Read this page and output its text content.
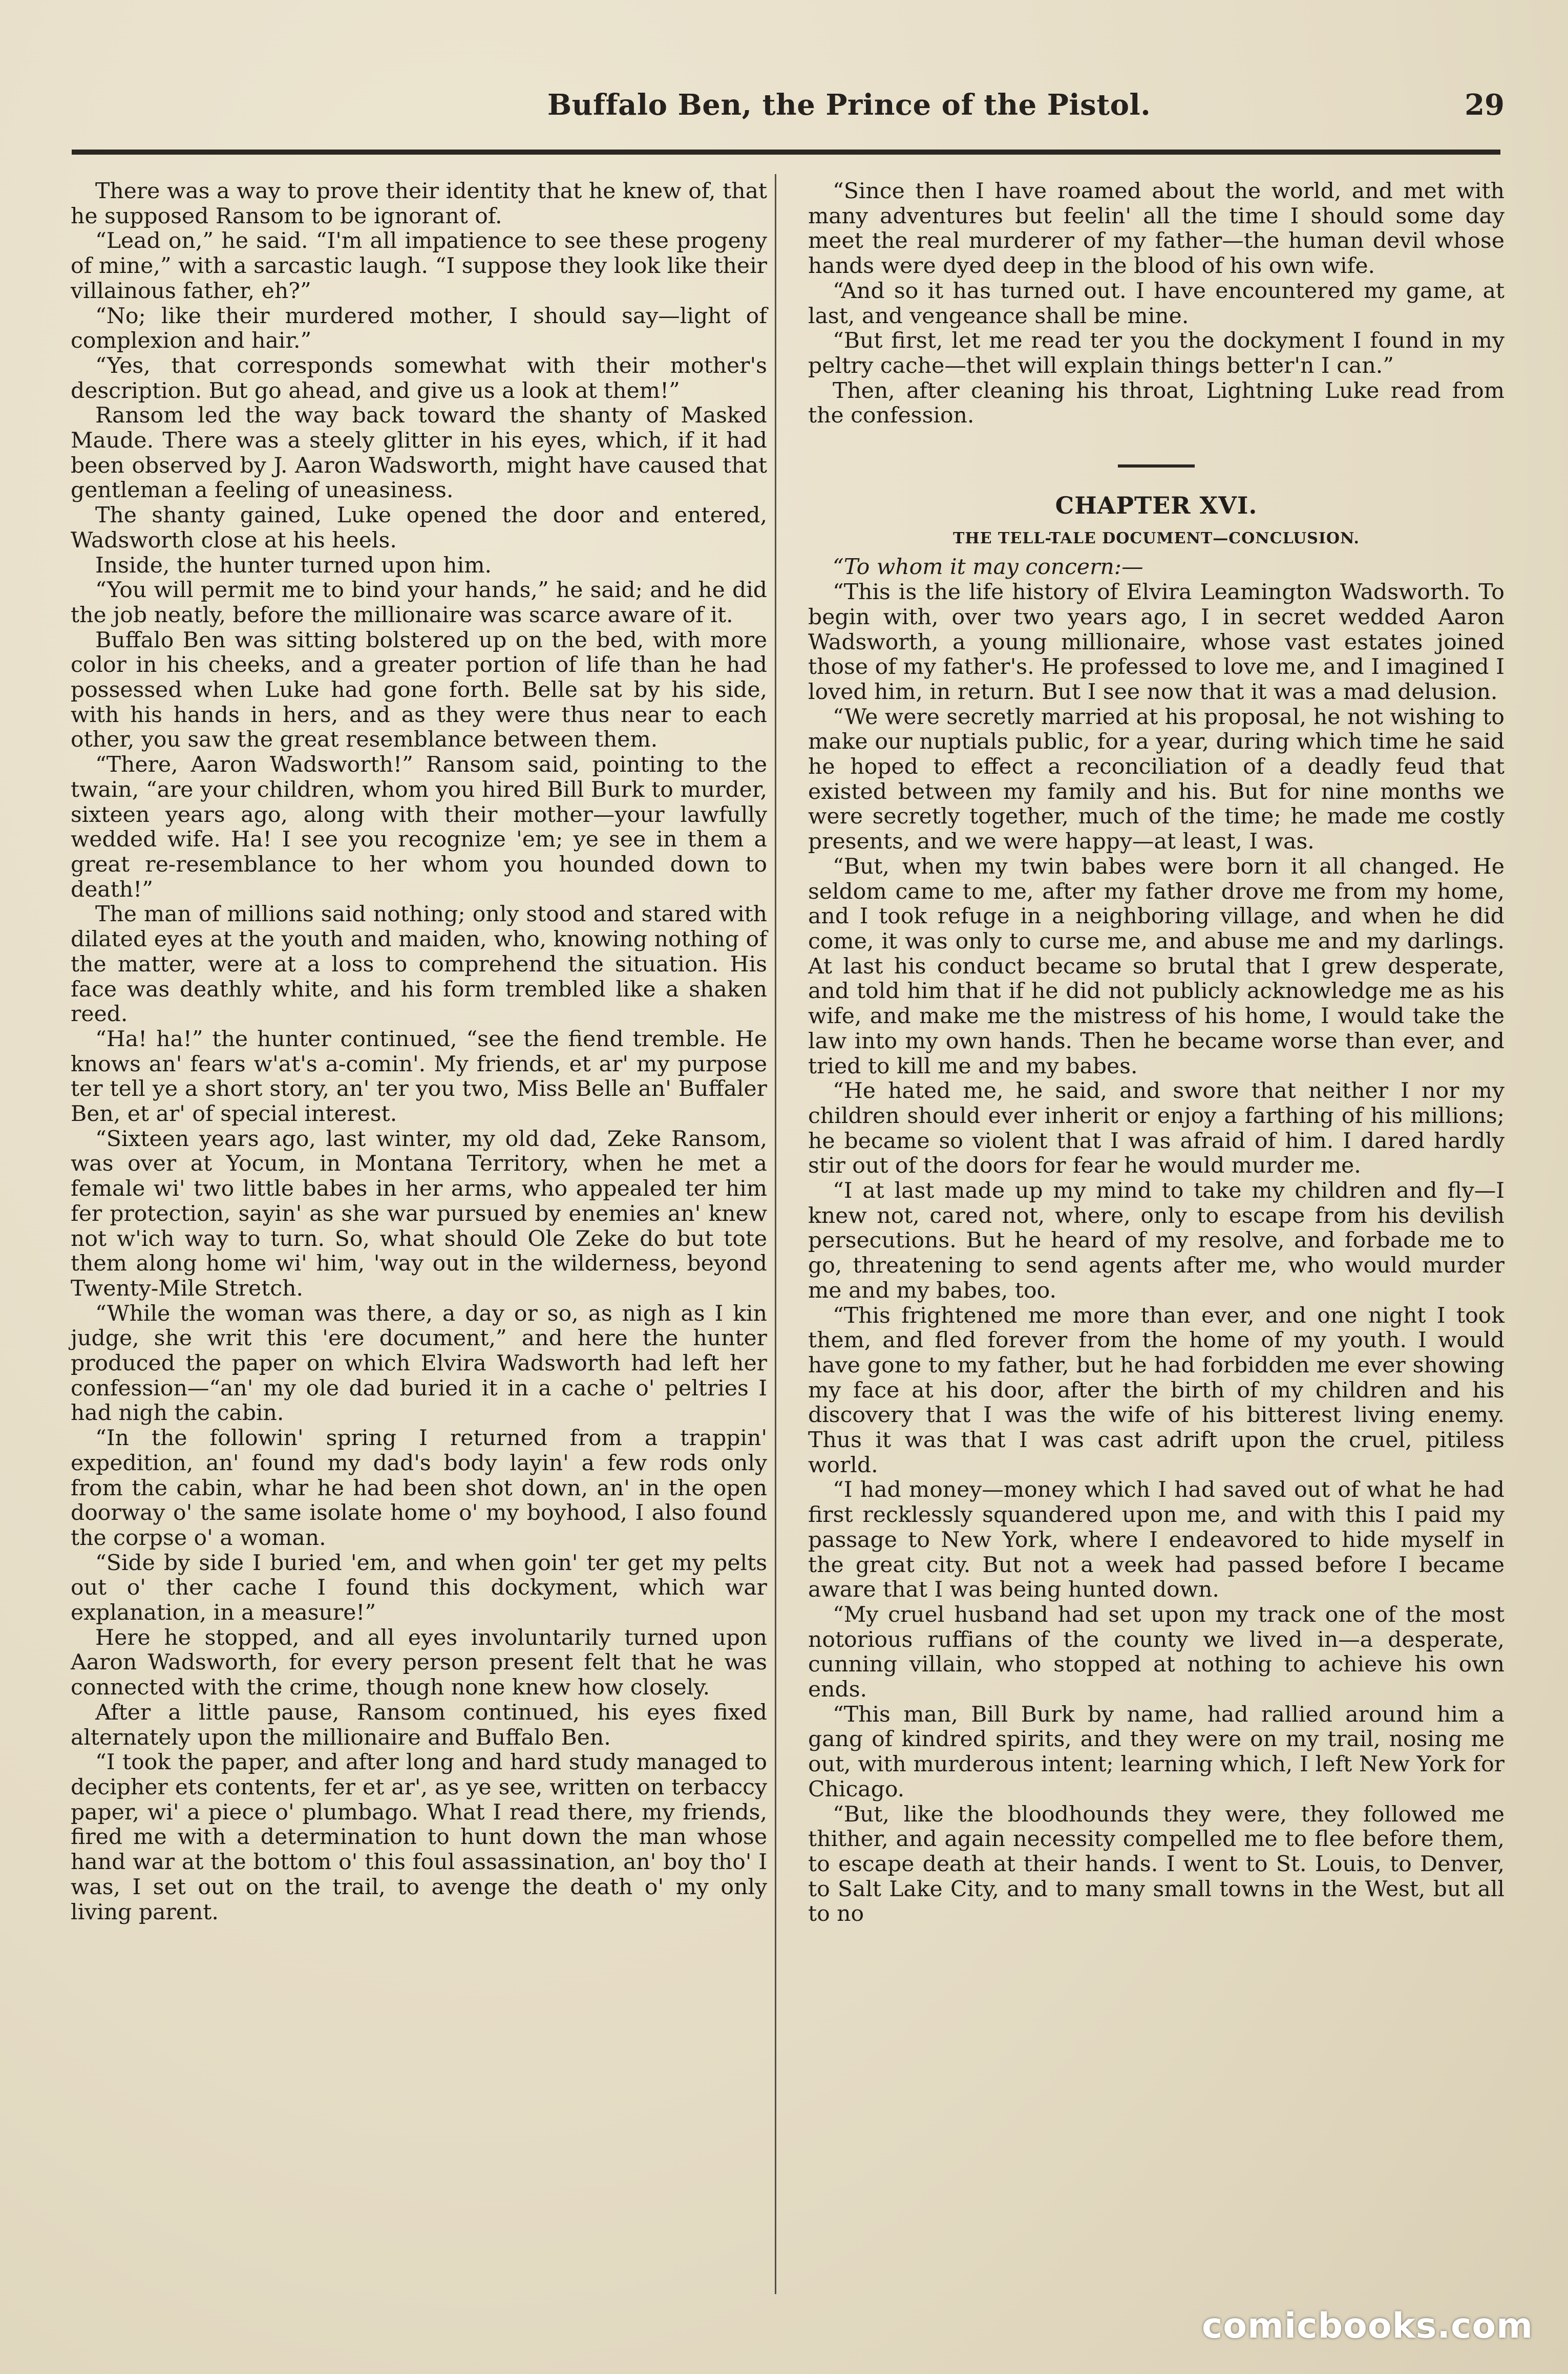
Buffalo Ben, the Prince of the Pistol.	29

There was a way to prove their identity that he knew of, that he supposed Ransom to be ignorant of.

“Lead on,” he said. “I'm all impatience to see these progeny of mine,” with a sarcastic laugh. “I suppose they look like their villainous father, eh?”

“No; like their murdered mother, I should say—light of complexion and hair.”

“Yes, that corresponds somewhat with their mother's description. But go ahead, and give us a look at them!”

Ransom led the way back toward the shanty of Masked Maude. There was a steely glitter in his eyes, which, if it had been observed by J. Aaron Wadsworth, might have caused that gentleman a feeling of uneasiness.

The shanty gained, Luke opened the door and entered, Wadsworth close at his heels.

Inside, the hunter turned upon him.

“You will permit me to bind your hands,” he said; and he did the job neatly, before the millionaire was scarce aware of it.

Buffalo Ben was sitting bolstered up on the bed, with more color in his cheeks, and a greater portion of life than he had possessed when Luke had gone forth. Belle sat by his side, with his hands in hers, and as they were thus near to each other, you saw the great resemblance between them.

“There, Aaron Wadsworth!” Ransom said, pointing to the twain, “are your children, whom you hired Bill Burk to murder, sixteen years ago, along with their mother—your lawfully wedded wife. Ha! I see you recognize 'em; ye see in them a great re-resemblance to her whom you hounded down to death!”

The man of millions said nothing; only stood and stared with dilated eyes at the youth and maiden, who, knowing nothing of the matter, were at a loss to comprehend the situation. His face was deathly white, and his form trembled like a shaken reed.

“Ha! ha!” the hunter continued, “see the fiend tremble. He knows an' fears w'at's a-comin'. My friends, et ar' my purpose ter tell ye a short story, an' ter you two, Miss Belle an' Buffaler Ben, et ar' of special interest.

“Sixteen years ago, last winter, my old dad, Zeke Ransom, was over at Yocum, in Montana Territory, when he met a female wi' two little babes in her arms, who appealed ter him fer protection, sayin' as she war pursued by enemies an' knew not w'ich way to turn. So, what should Ole Zeke do but tote them along home wi' him, 'way out in the wilderness, beyond Twenty-Mile Stretch.

“While the woman was there, a day or so, as nigh as I kin judge, she writ this 'ere document,” and here the hunter produced the paper on which Elvira Wadsworth had left her confession—“an' my ole dad buried it in a cache o' peltries I had nigh the cabin.

“In the followin' spring I returned from a trappin' expedition, an' found my dad's body layin' a few rods only from the cabin, whar he had been shot down, an' in the open doorway o' the same isolate home o' my boyhood, I also found the corpse o' a woman.

“Side by side I buried 'em, and when goin' ter get my pelts out o' ther cache I found this dockyment, which war explanation, in a measure!”

Here he stopped, and all eyes involuntarily turned upon Aaron Wadsworth, for every person present felt that he was connected with the crime, though none knew how closely.

After a little pause, Ransom continued, his eyes fixed alternately upon the millionaire and Buffalo Ben.

“I took the paper, and after long and hard study managed to decipher ets contents, fer et ar', as ye see, written on terbaccy paper, wi' a piece o' plumbago. What I read there, my friends, fired me with a determination to hunt down the man whose hand war at the bottom o' this foul assassination, an' boy tho' I was, I set out on the trail, to avenge the death o' my only living parent.

“Since then I have roamed about the world, and met with many adventures but feelin' all the time I should some day meet the real murderer of my father—the human devil whose hands were dyed deep in the blood of his own wife.

“And so it has turned out. I have encountered my game, at last, and vengeance shall be mine.

“But first, let me read ter you the dockyment I found in my peltry cache—thet will explain things better'n I can.”

Then, after cleaning his throat, Lightning Luke read from the confession.

CHAPTER XVI.
THE TELL-TALE DOCUMENT—CONCLUSION.

“To whom it may concern:—

“This is the life history of Elvira Leamington Wadsworth. To begin with, over two years ago, I in secret wedded Aaron Wadsworth, a young millionaire, whose vast estates joined those of my father's. He professed to love me, and I imagined I loved him, in return. But I see now that it was a mad delusion.

“We were secretly married at his proposal, he not wishing to make our nuptials public, for a year, during which time he said he hoped to effect a reconciliation of a deadly feud that existed between my family and his. But for nine months we were secretly together, much of the time; he made me costly presents, and we were happy—at least, I was.

“But, when my twin babes were born it all changed. He seldom came to me, after my father drove me from my home, and I took refuge in a neighboring village, and when he did come, it was only to curse me, and abuse me and my darlings. At last his conduct became so brutal that I grew desperate, and told him that if he did not publicly acknowledge me as his wife, and make me the mistress of his home, I would take the law into my own hands. Then he became worse than ever, and tried to kill me and my babes.

“He hated me, he said, and swore that neither I nor my children should ever inherit or enjoy a farthing of his millions; he became so violent that I was afraid of him. I dared hardly stir out of the doors for fear he would murder me.

“I at last made up my mind to take my children and fly—I knew not, cared not, where, only to escape from his devilish persecutions. But he heard of my resolve, and forbade me to go, threatening to send agents after me, who would murder me and my babes, too.

“This frightened me more than ever, and one night I took them, and fled forever from the home of my youth. I would have gone to my father, but he had forbidden me ever showing my face at his door, after the birth of my children and his discovery that I was the wife of his bitterest living enemy. Thus it was that I was cast adrift upon the cruel, pitiless world.

“I had money—money which I had saved out of what he had first recklessly squandered upon me, and with this I paid my passage to New York, where I endeavored to hide myself in the great city. But not a week had passed before I became aware that I was being hunted down.

“My cruel husband had set upon my track one of the most notorious ruffians of the county we lived in—a desperate, cunning villain, who stopped at nothing to achieve his own ends.

“This man, Bill Burk by name, had rallied around him a gang of kindred spirits, and they were on my trail, nosing me out, with murderous intent; learning which, I left New York for Chicago.

“But, like the bloodhounds they were, they followed me thither, and again necessity compelled me to flee before them, to escape death at their hands. I went to St. Louis, to Denver, to Salt Lake City, and to many small towns in the West, but all to no

comicbooks.com
